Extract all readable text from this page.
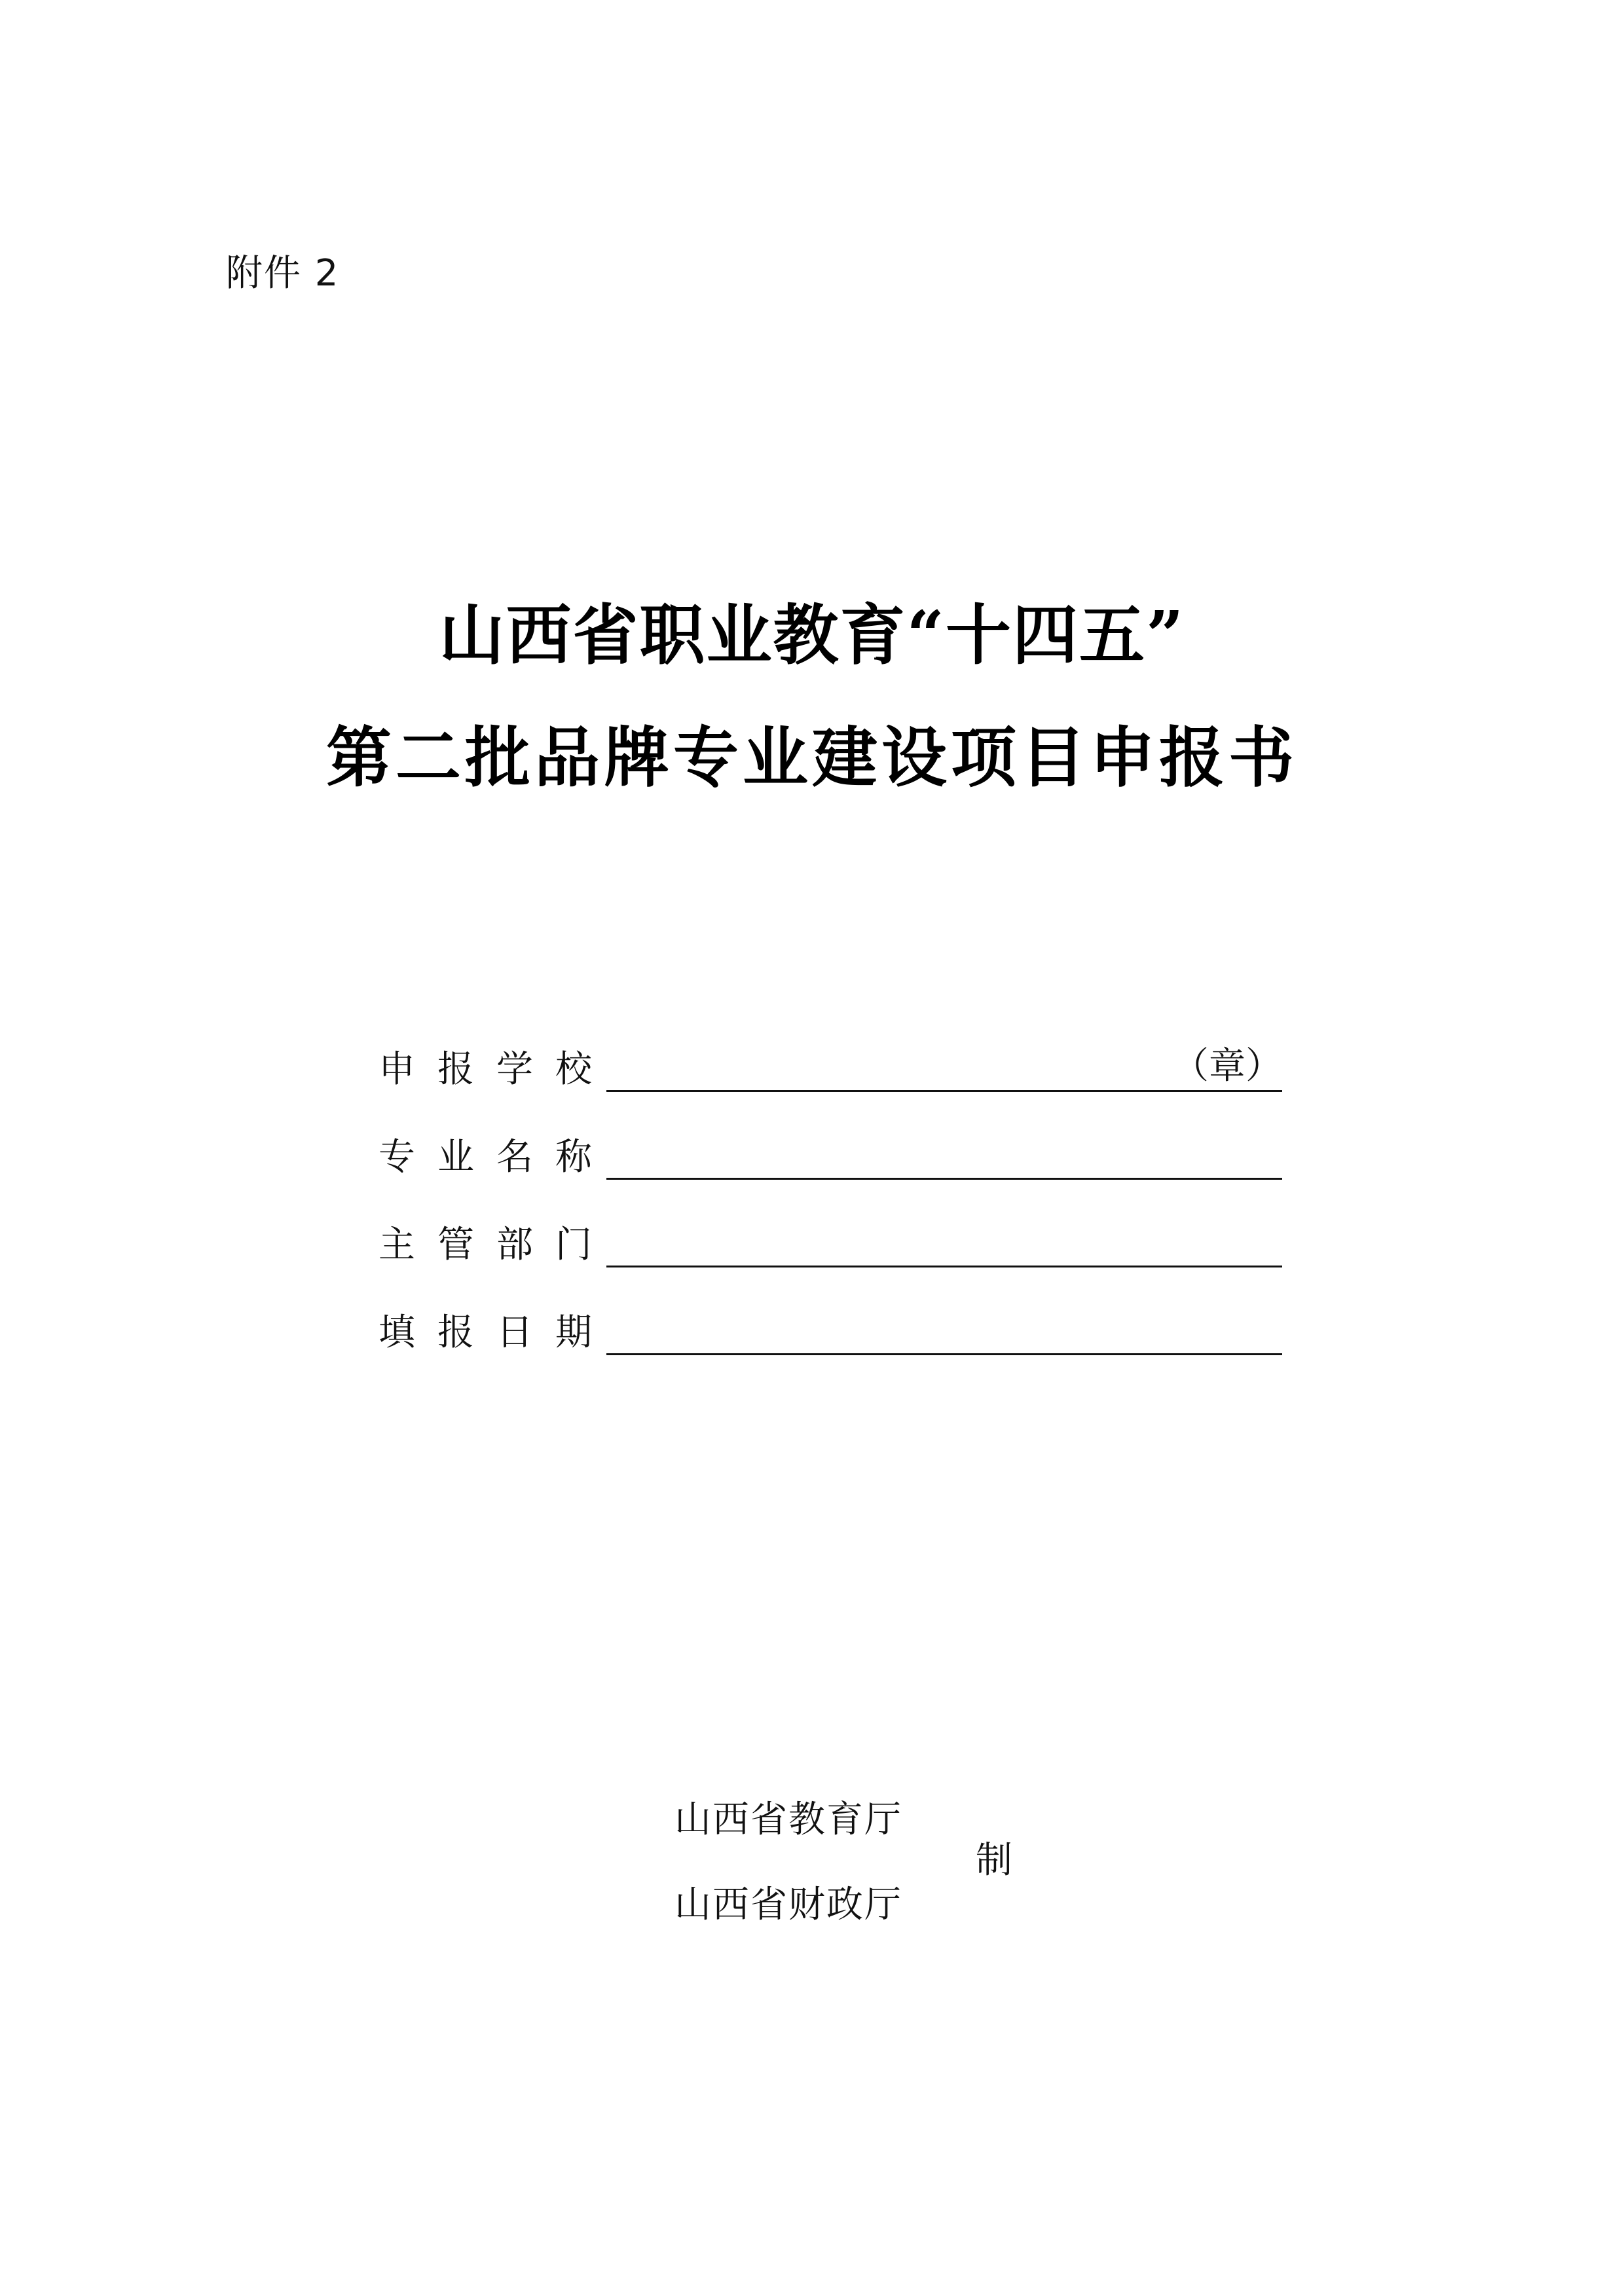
附件 2
山西省职业教育“十四五”
第二批品牌专业建设项目申报书
申报学校	（章）
专业名称
主管部门
填报日期
山西省教育厅
山西省财政厅
制
